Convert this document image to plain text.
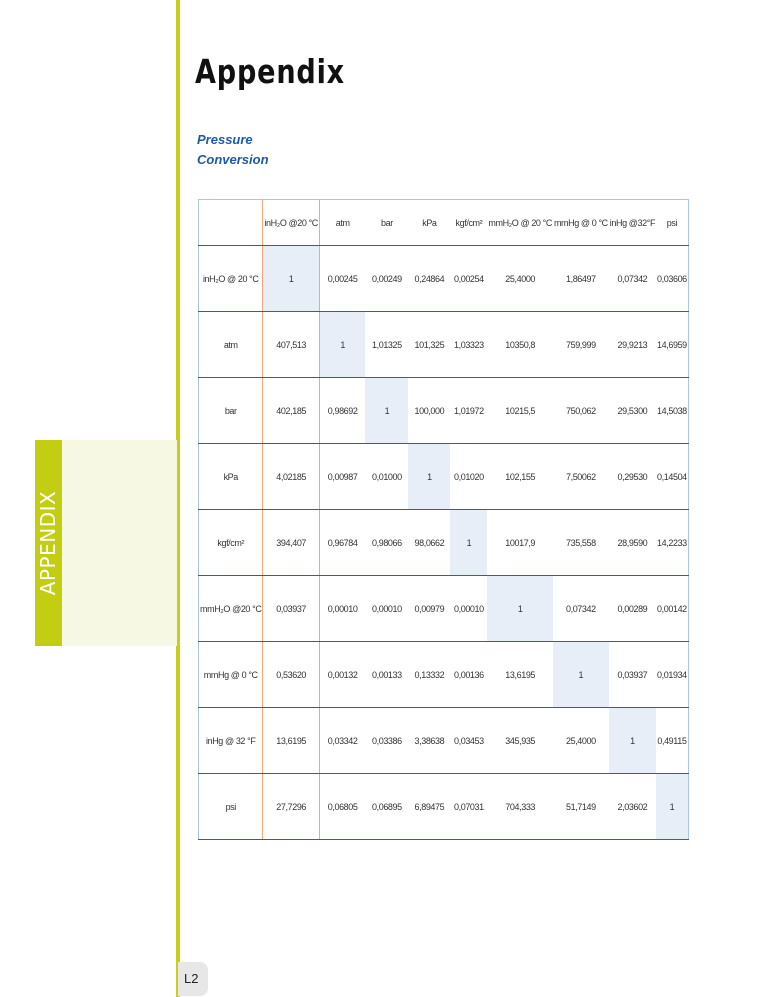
APPENDIX
Appendix
Pressure
Conversion
	inH₂O @20 °C	atm	bar	kPa	kgf/cm²	mmH₂O @ 20 °C	mmHg @ 0 °C	inHg @32°F	psi
inH₂O @ 20 °C	1	0,00245	0,00249	0,24864	0,00254	25,4000	1,86497	0,07342	0,03606
atm	407,513	1	1,01325	101,325	1,03323	10350,8	759,999	29,9213	14,6959
bar	402,185	0,98692	1	100,000	1,01972	10215,5	750,062	29,5300	14,5038
kPa	4,02185	0,00987	0,01000	1	0,01020	102,155	7,50062	0,29530	0,14504
kgf/cm²	394,407	0,96784	0,98066	98,0662	1	10017,9	735,558	28,9590	14,2233
mmH₂O @20 °C	0,03937	0,00010	0,00010	0,00979	0,00010	1	0,07342	0,00289	0,00142
mmHg @ 0 °C	0,53620	0,00132	0,00133	0,13332	0,00136	13,6195	1	0,03937	0,01934
inHg @ 32 °F	13,6195	0,03342	0,03386	3,38638	0,03453	345,935	25,4000	1	0,49115
psi	27,7296	0,06805	0,06895	6,89475	0,07031	704,333	51,7149	2,03602	1
L2
